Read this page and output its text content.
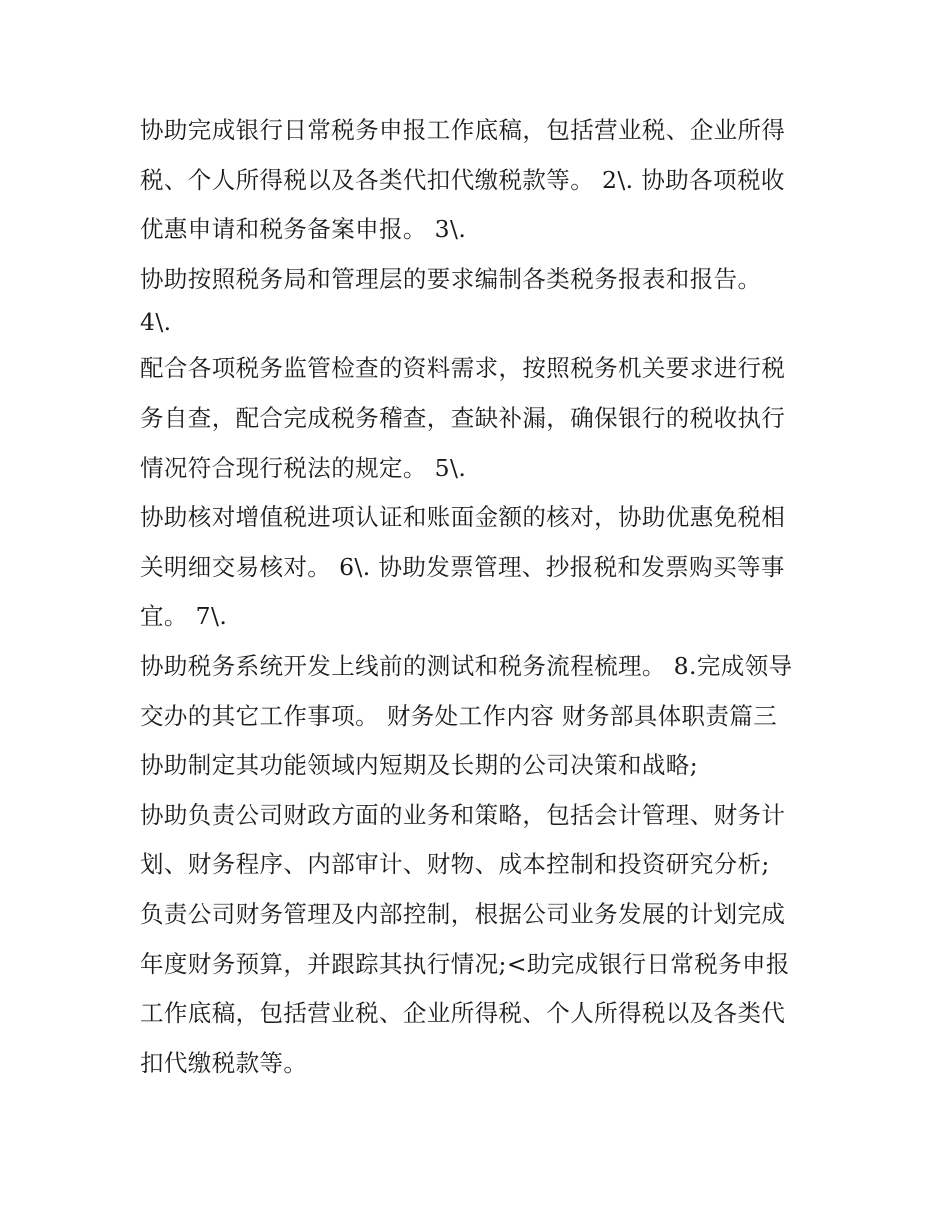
协助完成银行日常税务申报工作底稿，包括营业税、企业所得
税、个人所得税以及各类代扣代缴税款等。 2\. 协助各项税收
优惠申请和税务备案申报。 3\.
协助按照税务局和管理层的要求编制各类税务报表和报告。
4\.
配合各项税务监管检查的资料需求，按照税务机关要求进行税
务自查，配合完成税务稽查，查缺补漏，确保银行的税收执行
情况符合现行税法的规定。 5\.
协助核对增值税进项认证和账面金额的核对，协助优惠免税相
关明细交易核对。 6\. 协助发票管理、抄报税和发票购买等事
宜。 7\.
协助税务系统开发上线前的测试和税务流程梳理。 8.完成领导
交办的其它工作事项。 财务处工作内容 财务部具体职责篇三
协助制定其功能领域内短期及长期的公司决策和战略;
协助负责公司财政方面的业务和策略，包括会计管理、财务计
划、财务程序、内部审计、财物、成本控制和投资研究分析;
负责公司财务管理及内部控制，根据公司业务发展的计划完成
年度财务预算，并跟踪其执行情况;<助完成银行日常税务申报
工作底稿，包括营业税、企业所得税、个人所得税以及各类代
扣代缴税款等。
